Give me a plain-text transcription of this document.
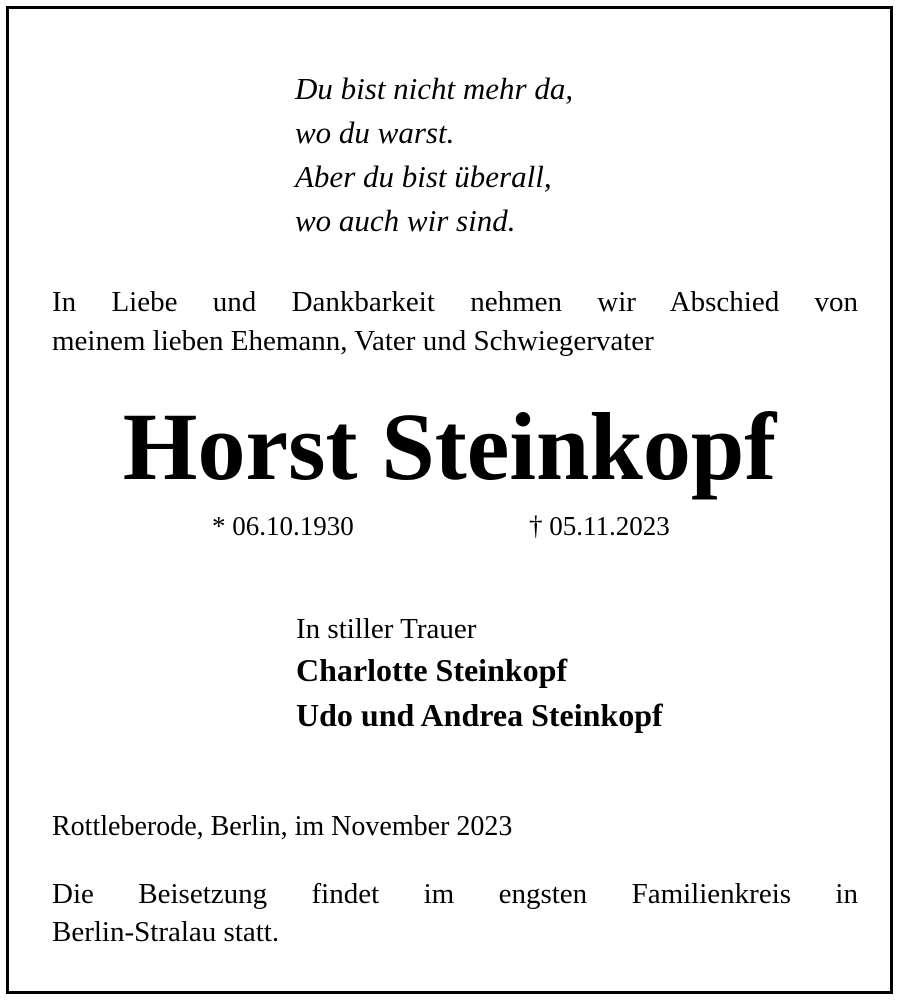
Du bist nicht mehr da,
wo du warst.
Aber du bist überall,
wo auch wir sind.
In Liebe und Dankbarkeit nehmen wir Abschied von
meinem lieben Ehemann, Vater und Schwiegervater
Horst Steinkopf
* 06.10.1930	† 05.11.2023
In stiller Trauer
Charlotte Steinkopf
Udo und Andrea Steinkopf
Rottleberode, Berlin, im November 2023
Die Beisetzung findet im engsten Familienkreis in
Berlin-Stralau statt.
